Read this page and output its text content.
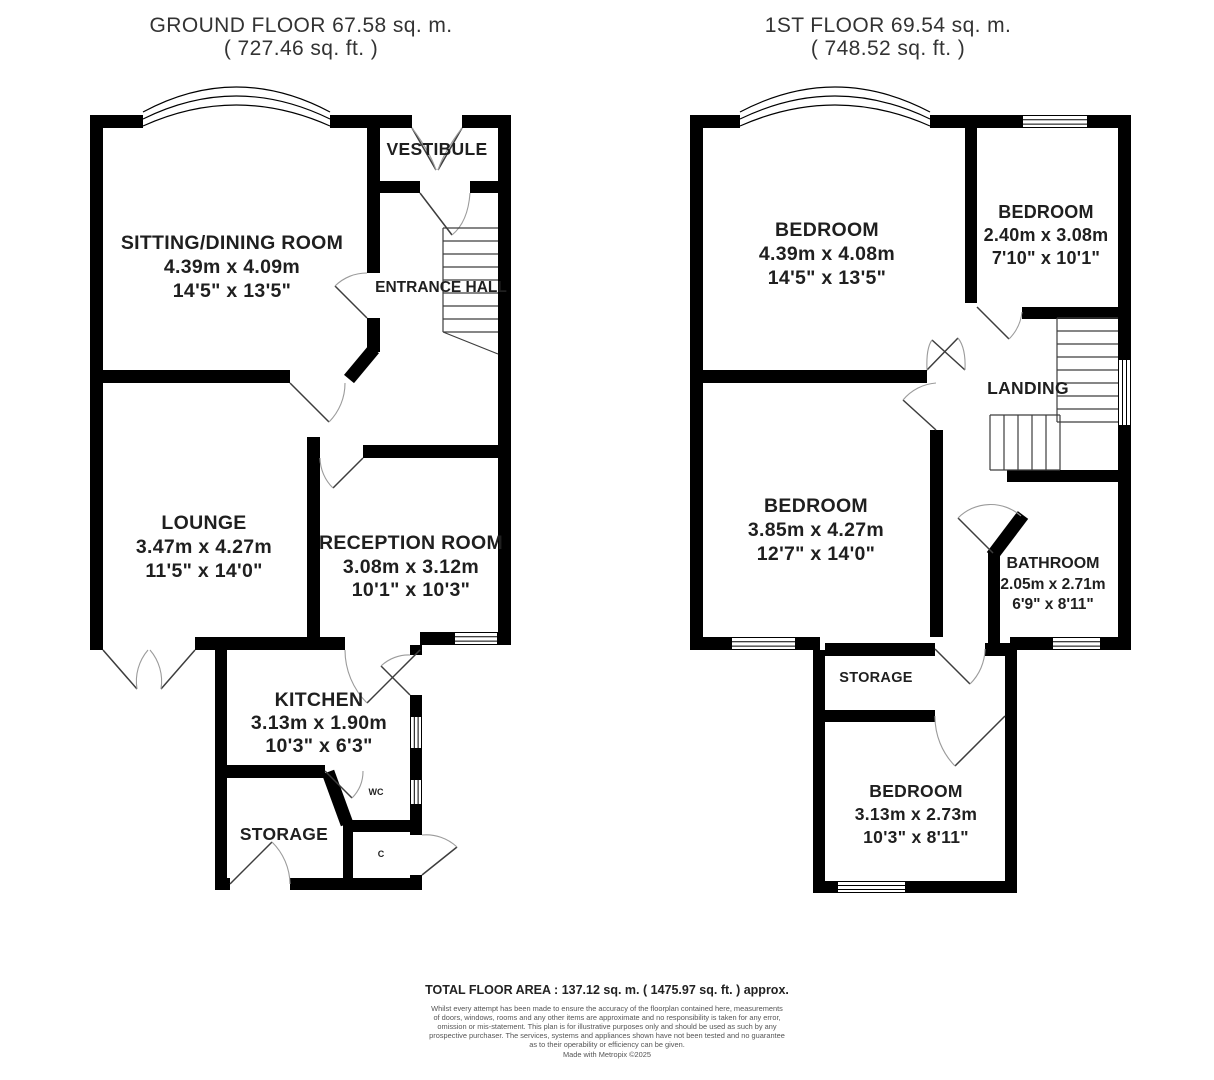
GROUND FLOOR 67.58 sq. m.
( 727.46 sq. ft. )
1ST FLOOR 69.54 sq. m.
( 748.52 sq. ft. )
VESTIBULE
SITTING/DINING ROOM
4.39m x 4.09m
14'5" x 13'5"	ENTRANCE HALL
LOUNGE
3.47m x 4.27m
11'5" x 14'0"
RECEPTION ROOM
3.08m x 3.12m
10'1" x 10'3"
KITCHEN
3.13m x 1.90m
10'3" x 6'3"
WC
STORAGE
C
BEDROOM
4.39m x 4.08m
14'5" x 13'5"
BEDROOM
2.40m x 3.08m
7'10" x 10'1"
LANDING
BEDROOM
3.85m x 4.27m
12'7" x 14'0"	BATHROOM
2.05m x 2.71m
6'9" x 8'11"
STORAGE
BEDROOM
3.13m x 2.73m
10'3" x 8'11"
TOTAL FLOOR AREA : 137.12 sq. m. ( 1475.97 sq. ft. ) approx.
Whilst every attempt has been made to ensure the accuracy of the floorplan contained here, measurements
of doors, windows, rooms and any other items are approximate and no responsibility is taken for any error,
omission or mis-statement. This plan is for illustrative purposes only and should be used as such by any
prospective purchaser. The services, systems and appliances shown have not been tested and no guarantee
as to their operability or efficiency can be given.
Made with Metropix ©2025
